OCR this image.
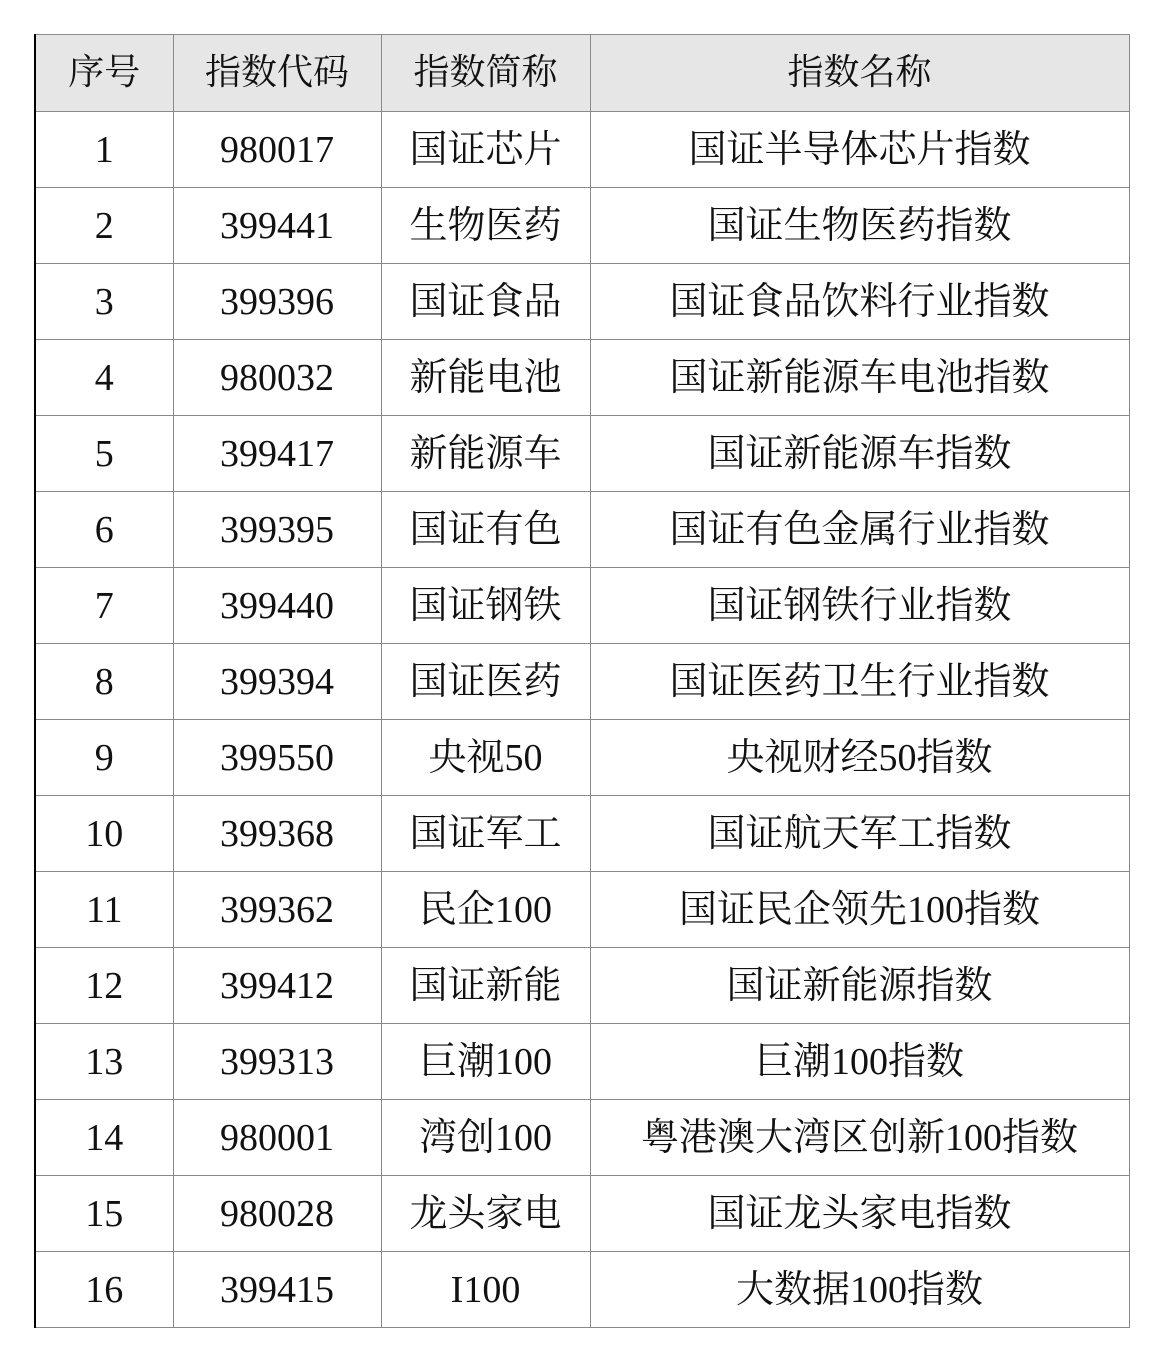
序号	指数代码	指数简称	指数名称
1	980017	国证芯片	国证半导体芯片指数
2	399441	生物医药	国证生物医药指数
3	399396	国证食品	国证食品饮料行业指数
4	980032	新能电池	国证新能源车电池指数
5	399417	新能源车	国证新能源车指数
6	399395	国证有色	国证有色金属行业指数
7	399440	国证钢铁	国证钢铁行业指数
8	399394	国证医药	国证医药卫生行业指数
9	399550	央视50	央视财经50指数
10	399368	国证军工	国证航天军工指数
11	399362	民企100	国证民企领先100指数
12	399412	国证新能	国证新能源指数
13	399313	巨潮100	巨潮100指数
14	980001	湾创100	粤港澳大湾区创新100指数
15	980028	龙头家电	国证龙头家电指数
16	399415	I100	大数据100指数
